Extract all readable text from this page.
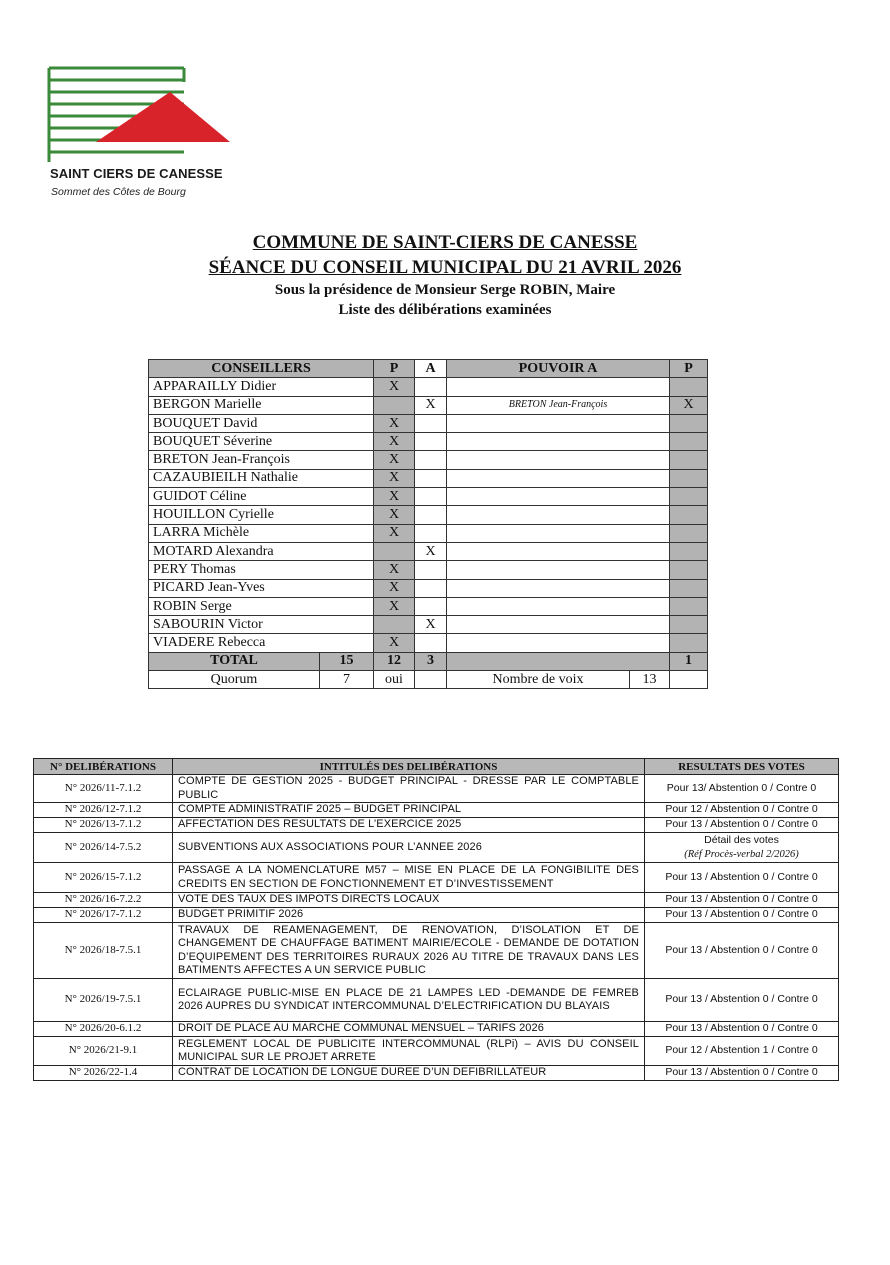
SAINT CIERS DE CANESSE
Sommet des Côtes de Bourg
COMMUNE DE SAINT-CIERS DE CANESSE
SÉANCE DU CONSEIL MUNICIPAL DU 21 AVRIL 2026
Sous la présidence de Monsieur Serge ROBIN, Maire
Liste des délibérations examinées
CONSEILLERS		P	A	POUVOIR A		P
APPARAILLY Didier		X				
BERGON Marielle			X	BRETON Jean-François		X
BOUQUET David		X				
BOUQUET Séverine		X				
BRETON Jean-François		X				
CAZAUBIEILH Nathalie		X				
GUIDOT Céline		X				
HOUILLON Cyrielle		X				
LARRA Michèle		X				
MOTARD Alexandra			X			
PERY Thomas		X				
PICARD Jean-Yves		X				
ROBIN Serge		X				
SABOURIN Victor			X			
VIADERE Rebecca		X				
TOTAL	15	12	3			1
Quorum	7	oui		Nombre de voix	13	
N° DELIBÉRATIONS	INTITULÉS DES DELIBÉRATIONS	RESULTATS DES VOTES
N° 2026/11-7.1.2	COMPTE DE GESTION 2025 - BUDGET PRINCIPAL - DRESSE PAR LE COMPTABLE PUBLIC	Pour 13/ Abstention 0 / Contre 0

N° 2026/12-7.1.2	COMPTE ADMINISTRATIF 2025 – BUDGET PRINCIPAL	Pour 12 / Abstention 0 / Contre 0

N° 2026/13-7.1.2	AFFECTATION DES RESULTATS DE L’EXERCICE 2025	Pour 13 / Abstention 0 / Contre 0

N° 2026/14-7.5.2	SUBVENTIONS AUX ASSOCIATIONS POUR L’ANNEE 2026	Détail des votes
(Réf Procès-verbal 2/2026)

N° 2026/15-7.1.2	PASSAGE A LA NOMENCLATURE M57 – MISE EN PLACE DE LA FONGIBILITE DES CREDITS EN SECTION DE FONCTIONNEMENT ET D’INVESTISSEMENT	Pour 13 / Abstention 0 / Contre 0

N° 2026/16-7.2.2	VOTE DES TAUX DES IMPOTS DIRECTS LOCAUX	Pour 13 / Abstention 0 / Contre 0

N° 2026/17-7.1.2	BUDGET PRIMITIF 2026	Pour 13 / Abstention 0 / Contre 0

N° 2026/18-7.5.1	TRAVAUX DE REAMENAGEMENT, DE RENOVATION, D’ISOLATION ET DE CHANGEMENT DE CHAUFFAGE BATIMENT MAIRIE/ECOLE - DEMANDE DE DOTATION D’EQUIPEMENT DES TERRITOIRES RURAUX 2026 AU TITRE DE TRAVAUX DANS LES BATIMENTS AFFECTES A UN SERVICE PUBLIC	Pour 13 / Abstention 0 / Contre 0

N° 2026/19-7.5.1	ECLAIRAGE PUBLIC-MISE EN PLACE DE 21 LAMPES LED -DEMANDE DE FEMREB 2026 AUPRES DU SYNDICAT INTERCOMMUNAL D’ELECTRIFICATION DU BLAYAIS	Pour 13 / Abstention 0 / Contre 0

N° 2026/20-6.1.2	DROIT DE PLACE AU MARCHE COMMUNAL MENSUEL – TARIFS 2026	Pour 13 / Abstention 0 / Contre 0

N° 2026/21-9.1	REGLEMENT LOCAL DE PUBLICITE INTERCOMMUNAL (RLPi) – AVIS DU CONSEIL MUNICIPAL SUR LE PROJET ARRETE	Pour 12 / Abstention 1 / Contre 0

N° 2026/22-1.4	CONTRAT DE LOCATION DE LONGUE DUREE D’UN DEFIBRILLATEUR	Pour 13 / Abstention 0 / Contre 0
